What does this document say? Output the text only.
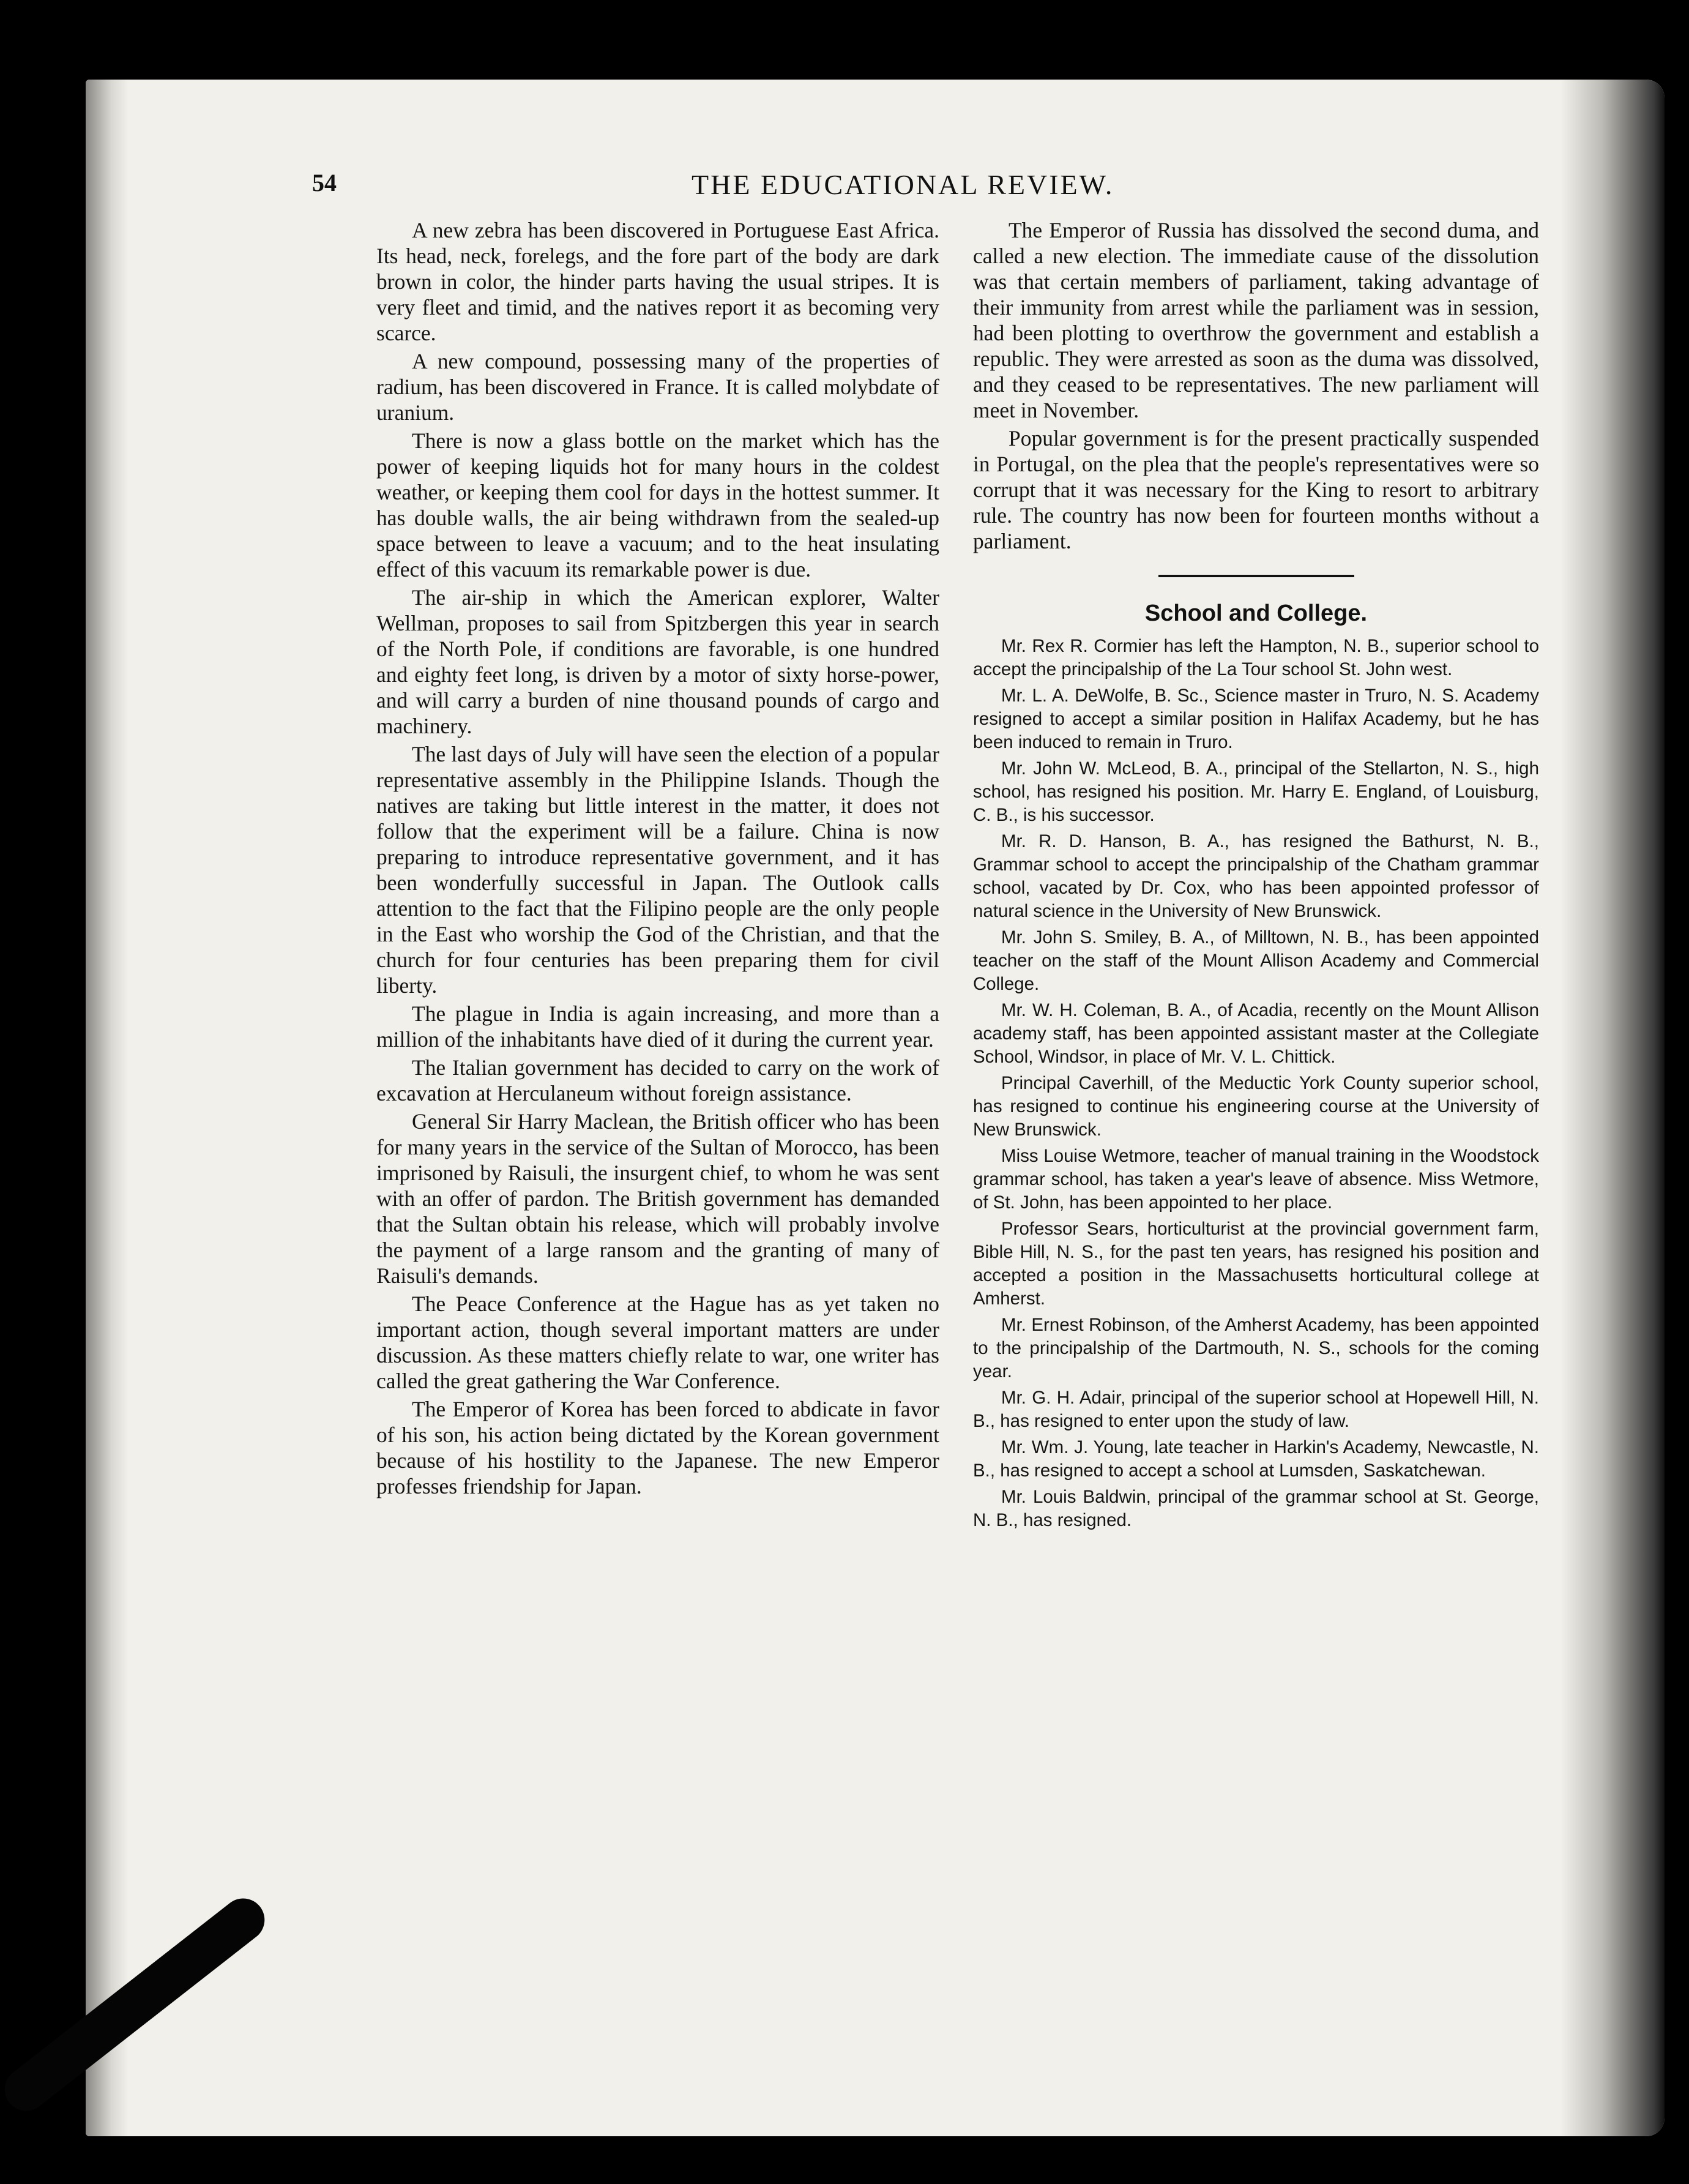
54	THE EDUCATIONAL REVIEW.

A new zebra has been discovered in Portuguese East Africa. Its head, neck, forelegs, and the fore part of the body are dark brown in color, the hinder parts having the usual stripes. It is very fleet and timid, and the natives report it as becoming very scarce.

A new compound, possessing many of the properties of radium, has been discovered in France. It is called molybdate of uranium.

There is now a glass bottle on the market which has the power of keeping liquids hot for many hours in the coldest weather, or keeping them cool for days in the hottest summer. It has double walls, the air being withdrawn from the sealed-up space between to leave a vacuum; and to the heat insulating effect of this vacuum its remarkable power is due.

The air-ship in which the American explorer, Walter Wellman, proposes to sail from Spitzbergen this year in search of the North Pole, if conditions are favorable, is one hundred and eighty feet long, is driven by a motor of sixty horse-power, and will carry a burden of nine thousand pounds of cargo and machinery.

The last days of July will have seen the election of a popular representative assembly in the Philippine Islands. Though the natives are taking but little interest in the matter, it does not follow that the experiment will be a failure. China is now preparing to introduce representative government, and it has been wonderfully successful in Japan. The Outlook calls attention to the fact that the Filipino people are the only people in the East who worship the God of the Christian, and that the church for four centuries has been preparing them for civil liberty.

The plague in India is again increasing, and more than a million of the inhabitants have died of it during the current year.

The Italian government has decided to carry on the work of excavation at Herculaneum without foreign assistance.

General Sir Harry Maclean, the British officer who has been for many years in the service of the Sultan of Morocco, has been imprisoned by Raisuli, the insurgent chief, to whom he was sent with an offer of pardon. The British government has demanded that the Sultan obtain his release, which will probably involve the payment of a large ransom and the granting of many of Raisuli's demands.

The Peace Conference at the Hague has as yet taken no important action, though several important matters are under discussion. As these matters chiefly relate to war, one writer has called the great gathering the War Conference.

The Emperor of Korea has been forced to abdicate in favor of his son, his action being dictated by the Korean government because of his hostility to the Japanese. The new Emperor professes friendship for Japan.

The Emperor of Russia has dissolved the second duma, and called a new election. The immediate cause of the dissolution was that certain members of parliament, taking advantage of their immunity from arrest while the parliament was in session, had been plotting to overthrow the government and establish a republic. They were arrested as soon as the duma was dissolved, and they ceased to be representatives. The new parliament will meet in November.

Popular government is for the present practically suspended in Portugal, on the plea that the people's representatives were so corrupt that it was necessary for the King to resort to arbitrary rule. The country has now been for fourteen months without a parliament.

School and College.

Mr. Rex R. Cormier has left the Hampton, N. B., superior school to accept the principalship of the La Tour school St. John west.

Mr. L. A. DeWolfe, B. Sc., Science master in Truro, N. S. Academy resigned to accept a similar position in Halifax Academy, but he has been induced to remain in Truro.

Mr. John W. McLeod, B. A., principal of the Stellarton, N. S., high school, has resigned his position. Mr. Harry E. England, of Louisburg, C. B., is his successor.

Mr. R. D. Hanson, B. A., has resigned the Bathurst, N. B., Grammar school to accept the principalship of the Chatham grammar school, vacated by Dr. Cox, who has been appointed professor of natural science in the University of New Brunswick.

Mr. John S. Smiley, B. A., of Milltown, N. B., has been appointed teacher on the staff of the Mount Allison Academy and Commercial College.

Mr. W. H. Coleman, B. A., of Acadia, recently on the Mount Allison academy staff, has been appointed assistant master at the Collegiate School, Windsor, in place of Mr. V. L. Chittick.

Principal Caverhill, of the Meductic York County superior school, has resigned to continue his engineering course at the University of New Brunswick.

Miss Louise Wetmore, teacher of manual training in the Woodstock grammar school, has taken a year's leave of absence. Miss Wetmore, of St. John, has been appointed to her place.

Professor Sears, horticulturist at the provincial government farm, Bible Hill, N. S., for the past ten years, has resigned his position and accepted a position in the Massachusetts horticultural college at Amherst.

Mr. Ernest Robinson, of the Amherst Academy, has been appointed to the principalship of the Dartmouth, N. S., schools for the coming year.

Mr. G. H. Adair, principal of the superior school at Hopewell Hill, N. B., has resigned to enter upon the study of law.

Mr. Wm. J. Young, late teacher in Harkin's Academy, Newcastle, N. B., has resigned to accept a school at Lumsden, Saskatchewan.

Mr. Louis Baldwin, principal of the grammar school at St. George, N. B., has resigned.
